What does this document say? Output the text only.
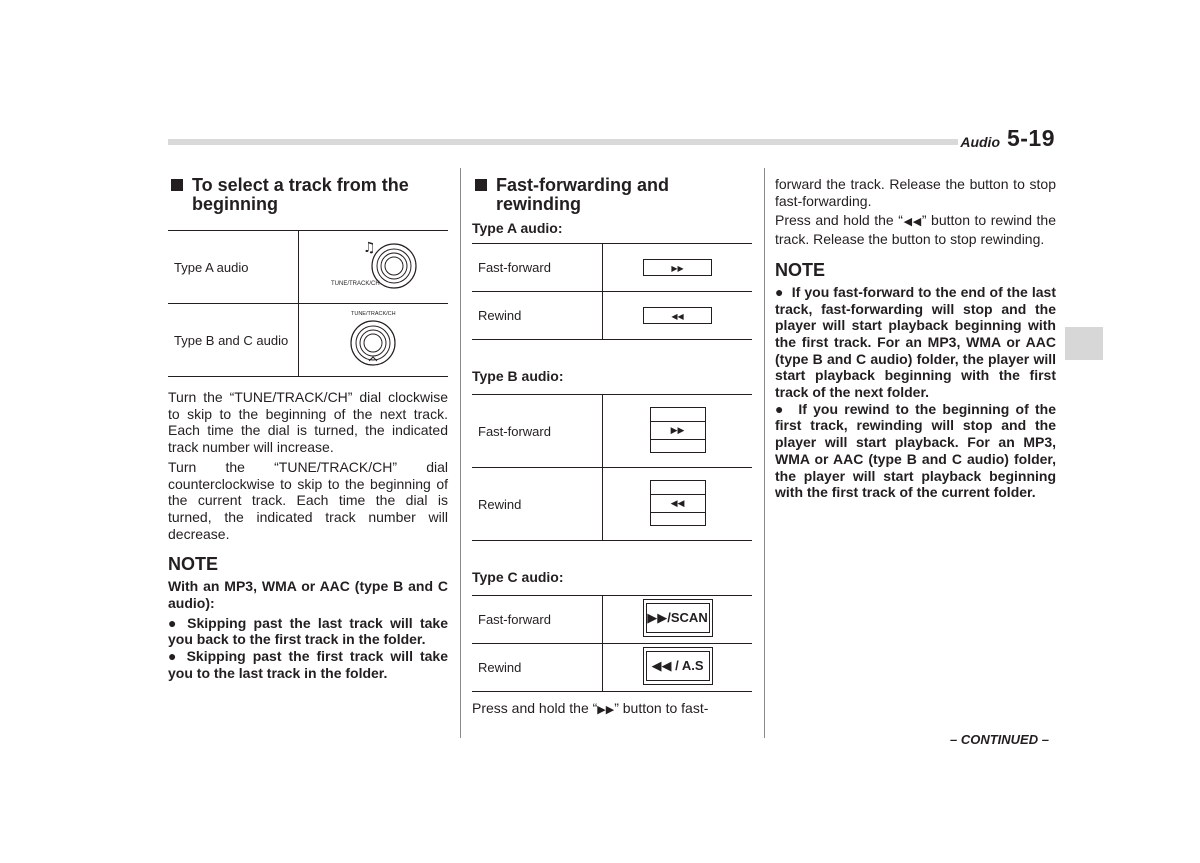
Audio 5-19
To select a track from the beginning
Type A audio	♫
TUNE/TRACK/CH

Type B and C audio	TUNE/TRACK/CH

Turn the “TUNE/TRACK/CH” dial clockwise to skip to the beginning of the next track. Each time the dial is turned, the indicated track number will increase.

Turn the “TUNE/TRACK/CH” dial counterclockwise to skip to the beginning of the current track. Each time the dial is turned, the indicated track number will decrease.

NOTE

With an MP3, WMA or AAC (type B and C audio):

● Skipping past the last track will take you back to the first track in the folder.

● Skipping past the first track will take you to the last track in the folder.

Fast-forwarding and rewinding
Type A audio:
Fast-forward	▶▶
Rewind	◀◀
Type B audio:
Fast-forward	▶▶

Rewind	◀◀
Type C audio:
Fast-forward	▶▶/SCAN

Rewind	◀◀ / A.S

Press and hold the “▶▶” button to fast-

forward the track. Release the button to stop fast-forwarding.

Press and hold the “◀◀” button to rewind the track. Release the button to stop rewinding.

NOTE

●  If you fast-forward to the end of the last track, fast-forwarding will stop and the player will start playback beginning with the first track. For an MP3, WMA or AAC (type B and C audio) folder, the player will start playback beginning with the first track of the next folder.

●  If you rewind to the beginning of the first track, rewinding will stop and the player will start playback. For an MP3, WMA or AAC (type B and C audio) folder, the player will start playback beginning with the first track of the current folder.

– CONTINUED –
